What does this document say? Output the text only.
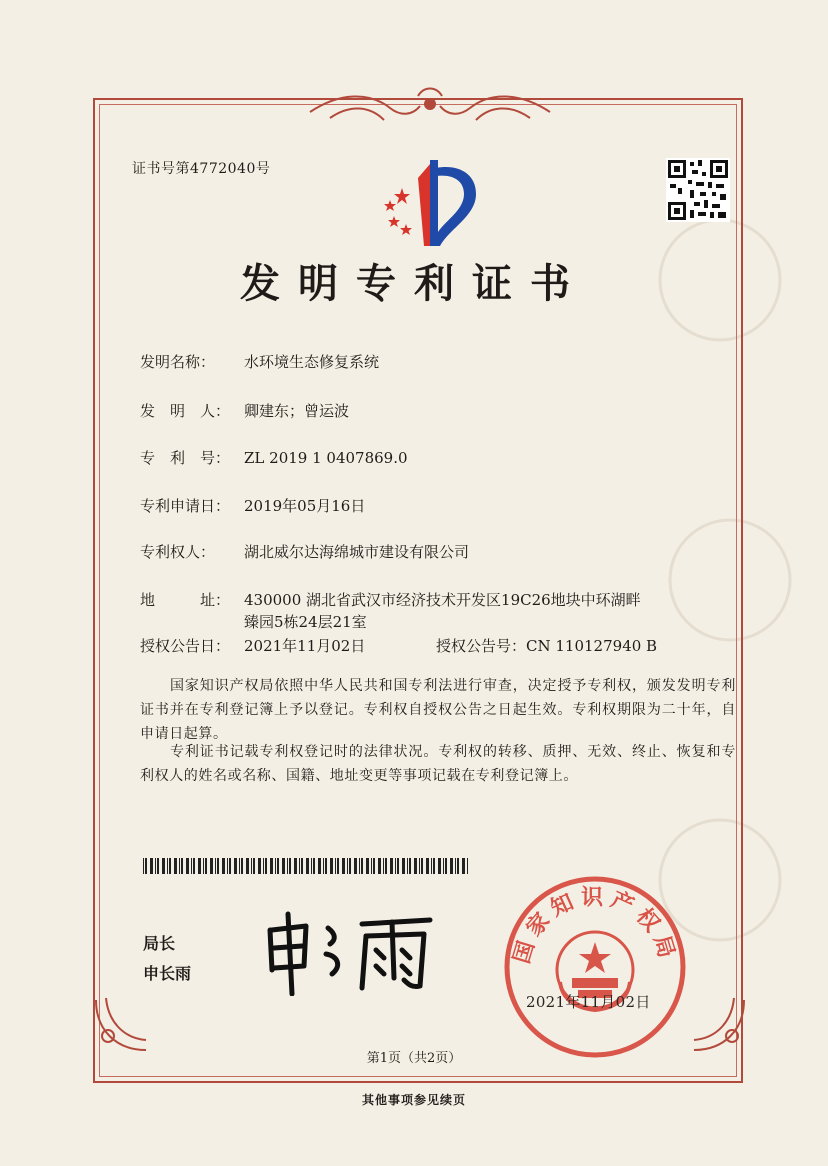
证书号第4772040号
发明专利证书
发明名称： 水环境生态修复系统
发　明　人： 卿建东；曾运波
专　利　号： ZL 2019 1 0407869.0
专利申请日： 2019年05月16日
专利权人： 湖北威尔达海绵城市建设有限公司
地　　　址： 430000 湖北省武汉市经济技术开发区19C26地块中环湖畔
臻园5栋24层21室
授权公告日： 2021年11月02日	授权公告号：CN 110127940 B
国家知识产权局依照中华人民共和国专利法进行审查，决定授予专利权，颁发发明专利证书并在专利登记簿上予以登记。专利权自授权公告之日起生效。专利权期限为二十年，自申请日起算。
专利证书记载专利权登记时的法律状况。专利权的转移、质押、无效、终止、恢复和专利权人的姓名或名称、国籍、地址变更等事项记载在专利登记簿上。
局长
申长雨
国家知识产权局
2021年11月02日
第1页（共2页）
其他事项参见续页
